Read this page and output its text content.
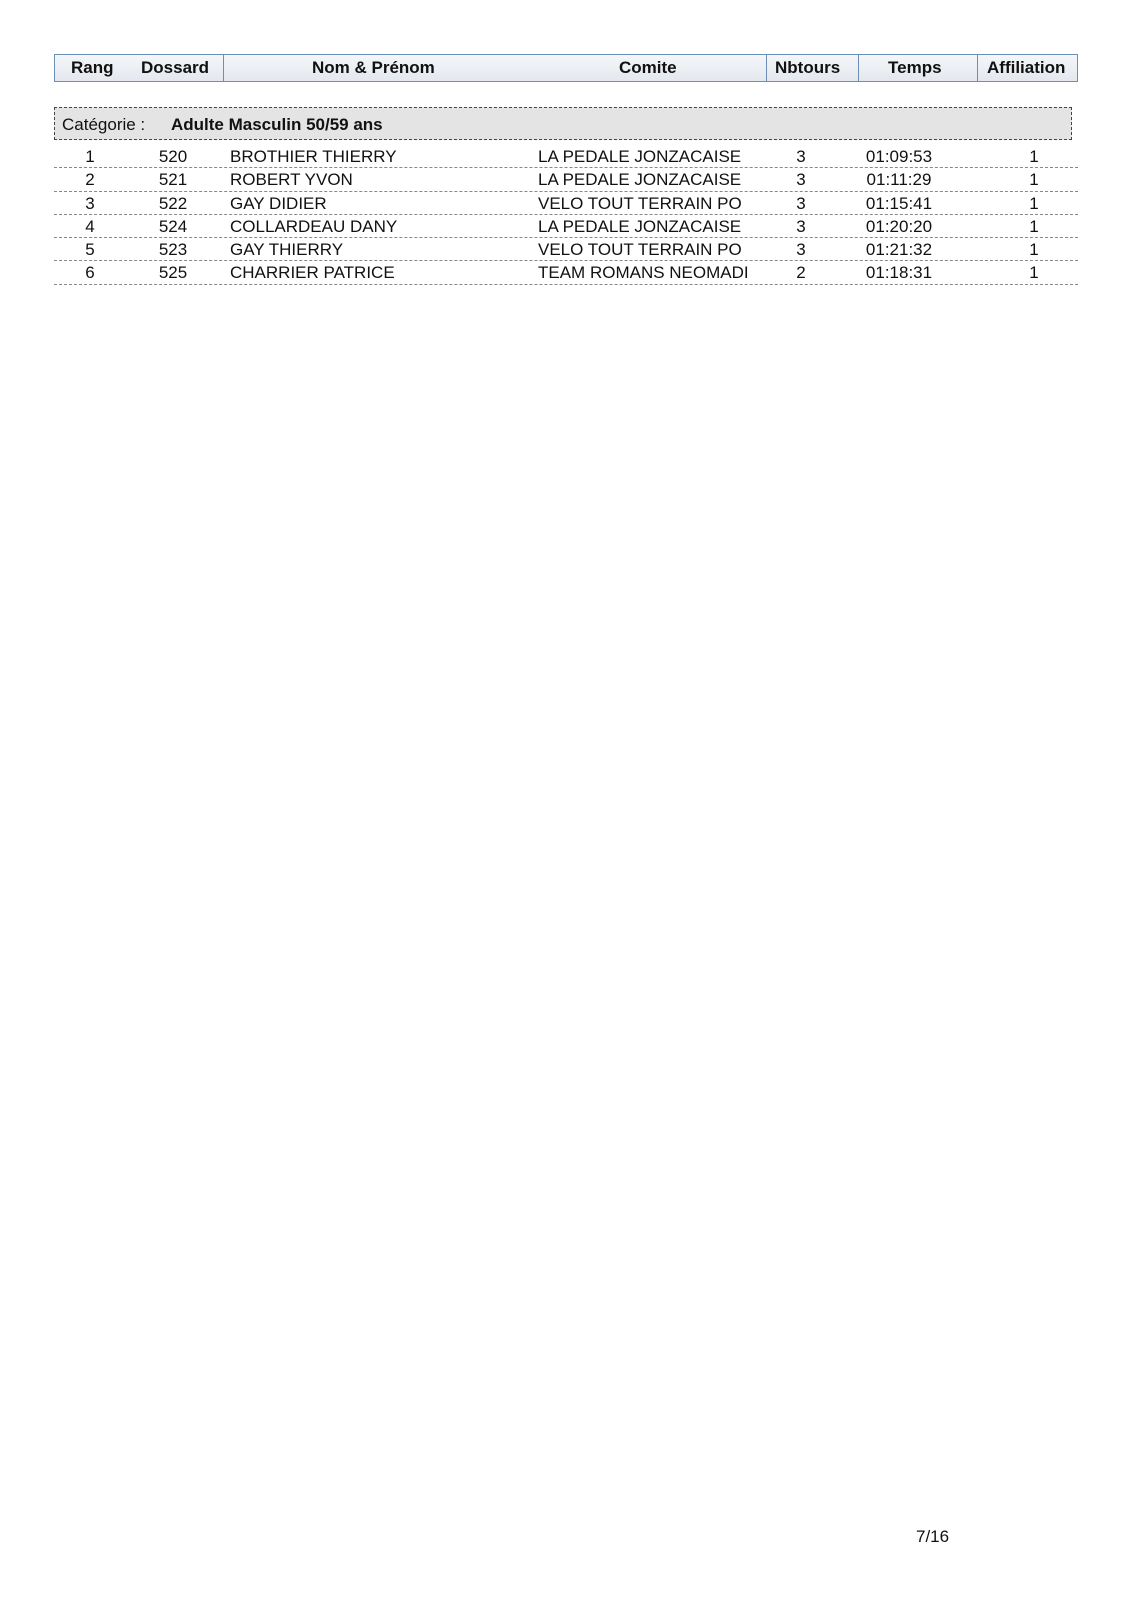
Rang Dossard	Nom & Prénom	Comite	Nbtours	Temps	Affiliation
Catégorie : Adulte Masculin 50/59 ans
1	520	BROTHIER THIERRY	LA PEDALE JONZACAISE	3	01:09:53	1
2	521	ROBERT YVON	LA PEDALE JONZACAISE	3	01:11:29	1
3	522	GAY DIDIER	VELO TOUT TERRAIN PO	3	01:15:41	1
4	524	COLLARDEAU DANY	LA PEDALE JONZACAISE	3	01:20:20	1
5	523	GAY THIERRY	VELO TOUT TERRAIN PO	3	01:21:32	1
6	525	CHARRIER PATRICE	TEAM ROMANS NEOMADI	2	01:18:31	1
7/16
